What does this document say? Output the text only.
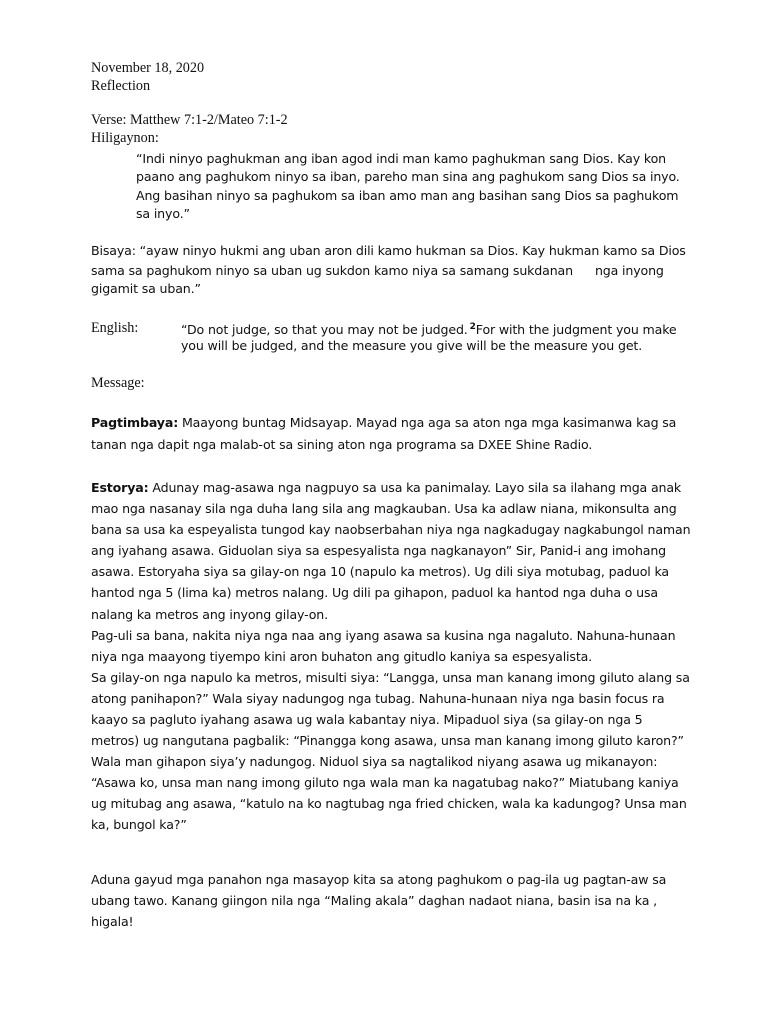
November 18, 2020
Reflection
Verse: Matthew 7:1-2/Mateo 7:1-2
Hiligaynon:
“Indi ninyo paghukman ang iban agod indi man kamo paghukman sang Dios. Kay kon
paano ang paghukom ninyo sa iban, pareho man sina ang paghukom sang Dios sa inyo.
Ang basihan ninyo sa paghukom sa iban amo man ang basihan sang Dios sa paghukom
sa inyo.”
Bisaya: “ayaw ninyo hukmi ang uban aron dili kamo hukman sa Dios. Kay hukman kamo sa Dios
sama sa paghukom ninyo sa uban ug sukdon kamo niya sa samang sukdanan nga inyong
gigamit sa uban.”
English:	“Do not judge, so that you may not be judged. $^2$For with the judgment you make
you will be judged, and the measure you give will be the measure you get.
Message:
Pagtimbaya: Maayong buntag Midsayap. Mayad nga aga sa aton nga mga kasimanwa kag sa
tanan nga dapit nga malab-ot sa sining aton nga programa sa DXEE Shine Radio.
Estorya: Adunay mag-asawa nga nagpuyo sa usa ka panimalay. Layo sila sa ilahang mga anak
mao nga nasanay sila nga duha lang sila ang magkauban. Usa ka adlaw niana, mikonsulta ang
bana sa usa ka espeyalista tungod kay naobserbahan niya nga nagkadugay nagkabungol naman
ang iyahang asawa. Giduolan siya sa espesyalista nga nagkanayon” Sir, Panid-i ang imohang
asawa. Estoryaha siya sa gilay-on nga 10 (napulo ka metros). Ug dili siya motubag, paduol ka
hantod nga 5 (lima ka) metros nalang. Ug dili pa gihapon, paduol ka hantod nga duha o usa
nalang ka metros ang inyong gilay-on.
Pag-uli sa bana, nakita niya nga naa ang iyang asawa sa kusina nga nagaluto. Nahuna-hunaan
niya nga maayong tiyempo kini aron buhaton ang gitudlo kaniya sa espesyalista.
Sa gilay-on nga napulo ka metros, misulti siya: “Langga, unsa man kanang imong giluto alang sa
atong panihapon?” Wala siyay nadungog nga tubag. Nahuna-hunaan niya nga basin focus ra
kaayo sa pagluto iyahang asawa ug wala kabantay niya. Mipaduol siya (sa gilay-on nga 5
metros) ug nangutana pagbalik: “Pinangga kong asawa, unsa man kanang imong giluto karon?”
Wala man gihapon siya’y nadungog. Niduol siya sa nagtalikod niyang asawa ug mikanayon:
“Asawa ko, unsa man nang imong giluto nga wala man ka nagatubag nako?” Miatubang kaniya
ug mitubag ang asawa, “katulo na ko nagtubag nga fried chicken, wala ka kadungog? Unsa man
ka, bungol ka?”
Aduna gayud mga panahon nga masayop kita sa atong paghukom o pag-ila ug pagtan-aw sa
ubang tawo. Kanang giingon nila nga “Maling akala” daghan nadaot niana, basin isa na ka ,
higala!
